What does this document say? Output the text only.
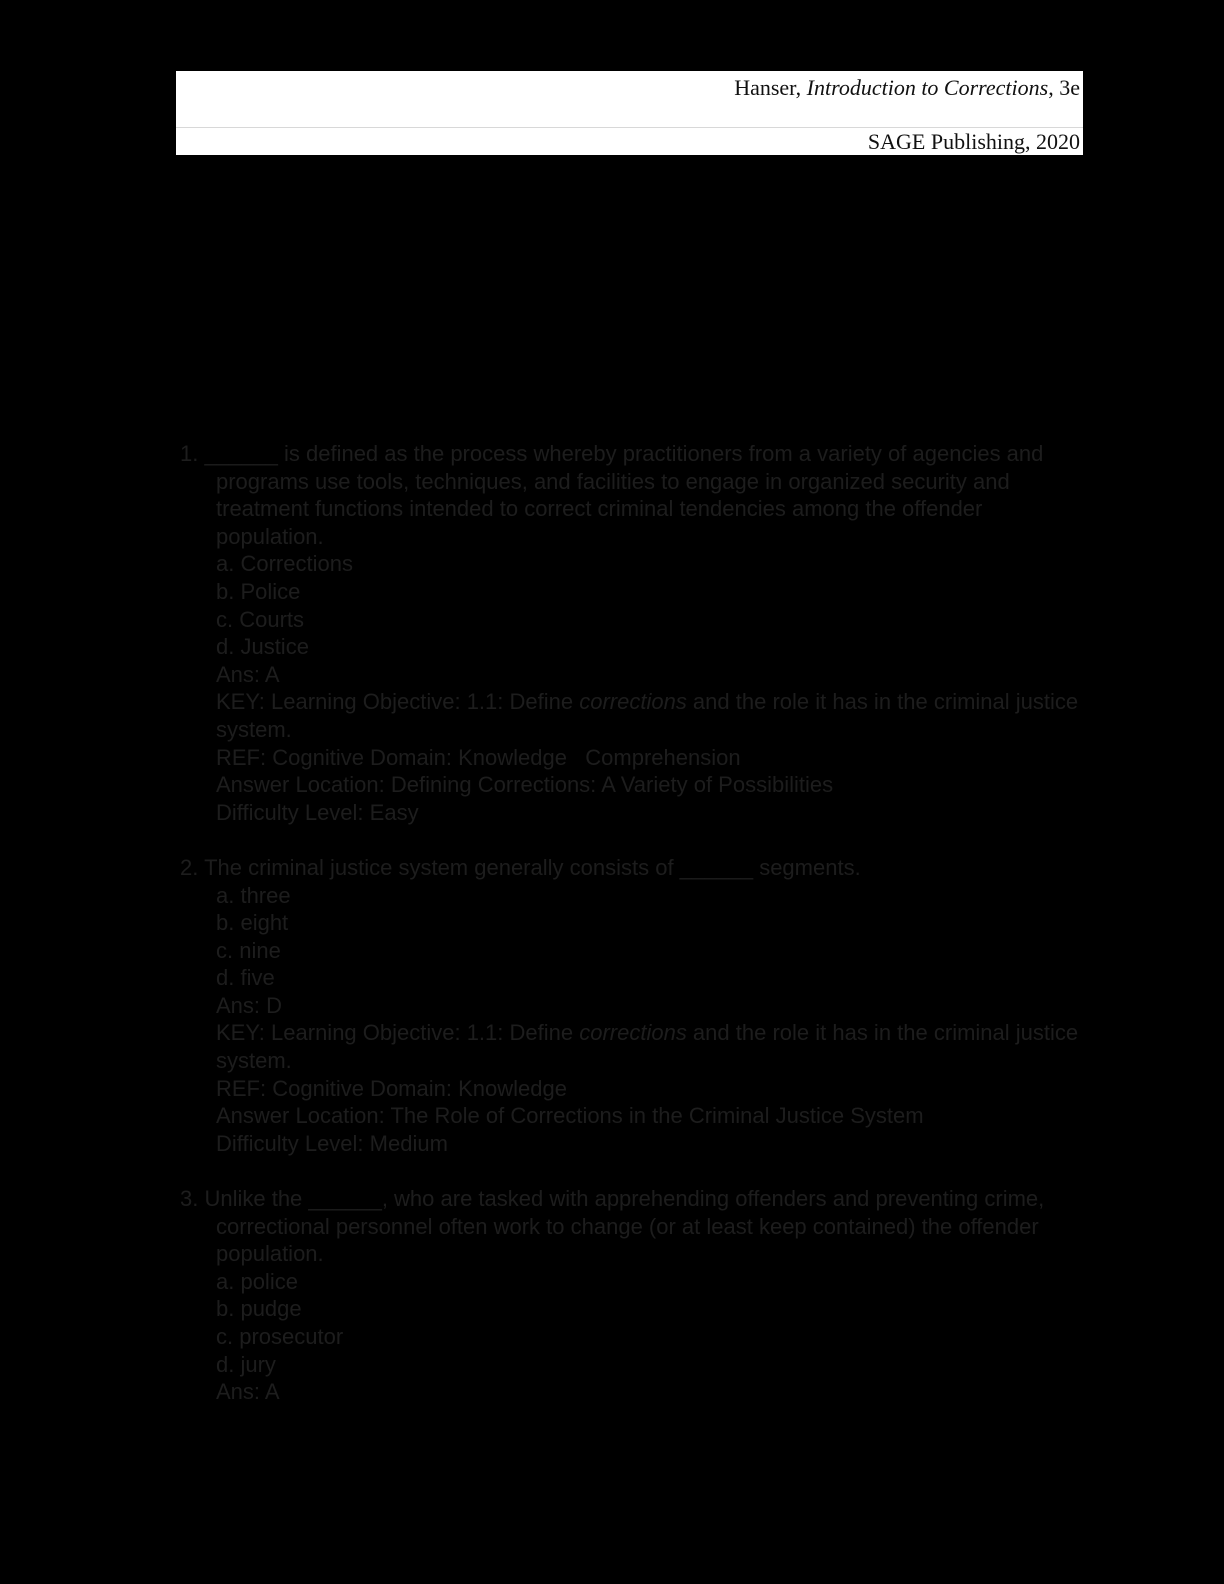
Hanser, Introduction to Corrections, 3e
SAGE Publishing, 2020
1. ______ is defined as the process whereby practitioners from a variety of agencies and programs use tools, techniques, and facilities to engage in organized security and treatment functions intended to correct criminal tendencies among the offender population.
a. Corrections
b. Police
c. Courts
d. Justice
Ans: A
KEY: Learning Objective: 1.1: Define corrections and the role it has in the criminal justice system.
REF: Cognitive Domain: Knowledge   Comprehension
Answer Location: Defining Corrections: A Variety of Possibilities
Difficulty Level: Easy
2. The criminal justice system generally consists of ______ segments.
a. three
b. eight
c. nine
d. five
Ans: D
KEY: Learning Objective: 1.1: Define corrections and the role it has in the criminal justice system.
REF: Cognitive Domain: Knowledge
Answer Location: The Role of Corrections in the Criminal Justice System
Difficulty Level: Medium
3. Unlike the ______, who are tasked with apprehending offenders and preventing crime, correctional personnel often work to change (or at least keep contained) the offender population.
a. police
b. pudge
c. prosecutor
d. jury
Ans: A
